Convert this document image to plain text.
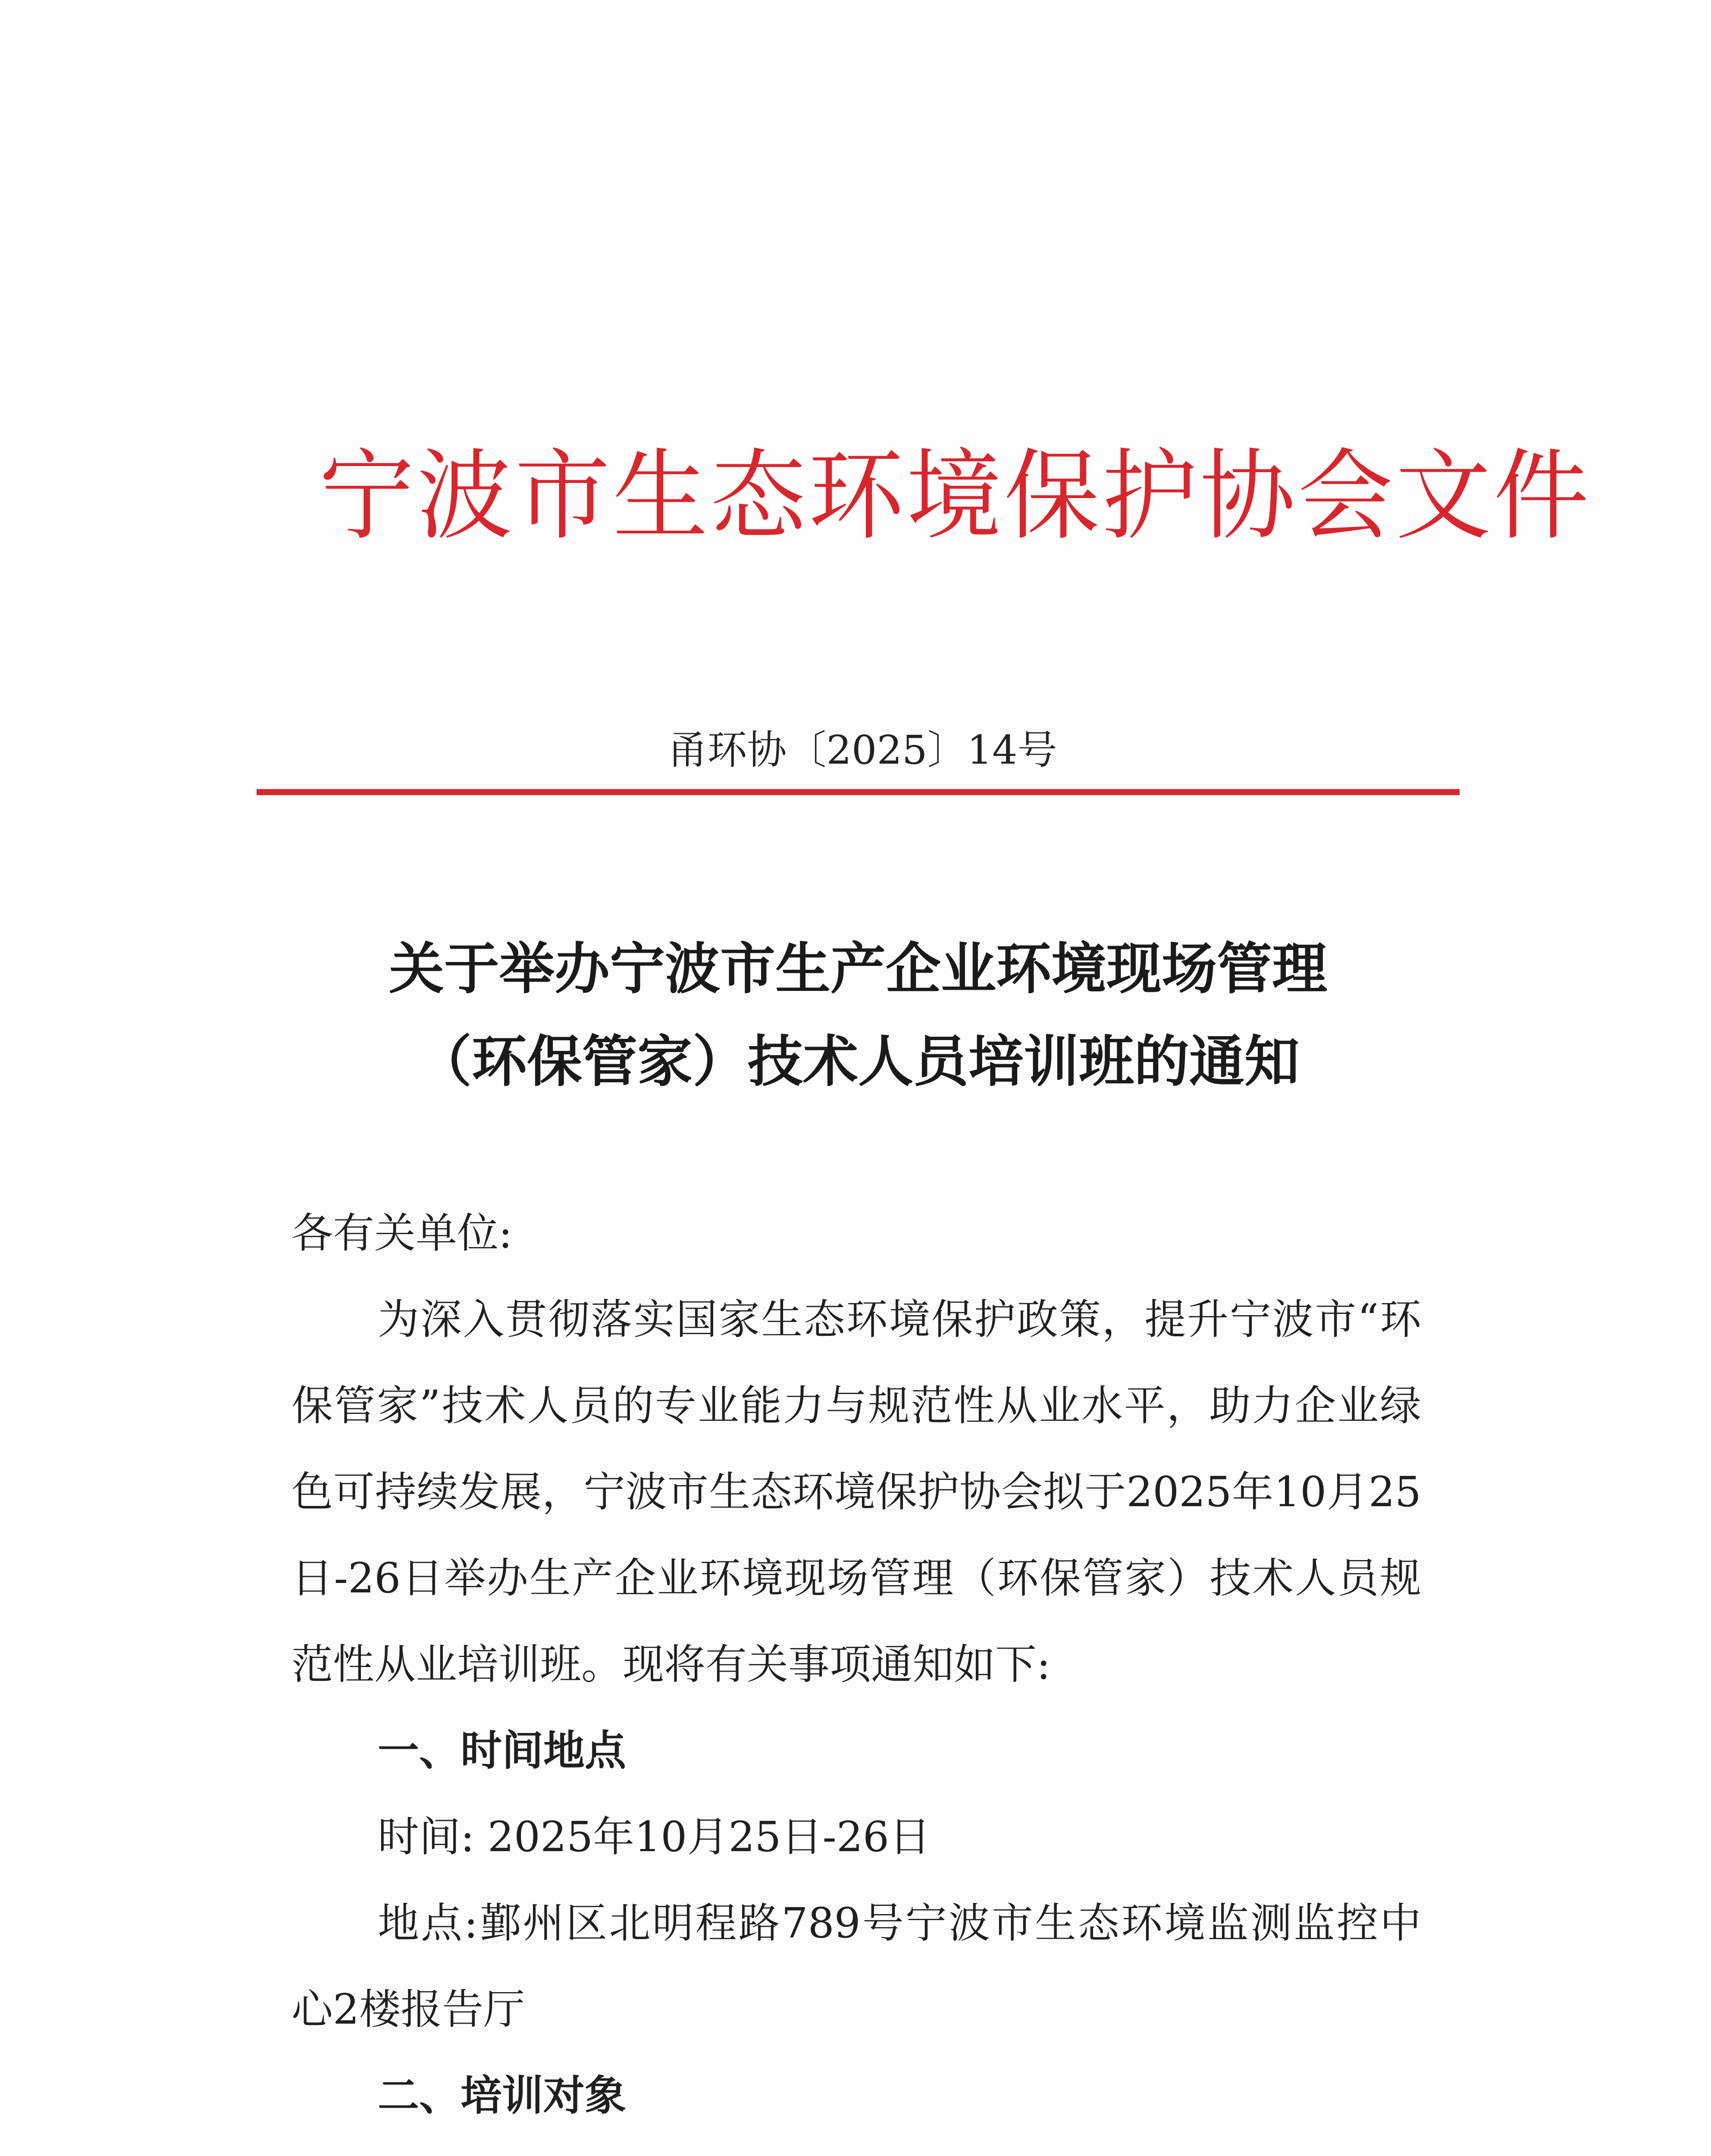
宁波市生态环境保护协会文件
甬环协〔2025〕14号
关于举办宁波市生产企业环境现场管理
（环保管家）技术人员培训班的通知

各有关单位:

为深入贯彻落实国家生态环境保护政策，提升宁波市“环保管家”技术人员的专业能力与规范性从业水平，助力企业绿色可持续发展，宁波市生态环境保护协会拟于2025年10月25日-26日举办生产企业环境现场管理（环保管家）技术人员规范性从业培训班。现将有关事项通知如下:

一、时间地点

时间: 2025年10月25日-26日

地点:鄞州区北明程路789号宁波市生态环境监测监控中心2楼报告厅

二、培训对象
